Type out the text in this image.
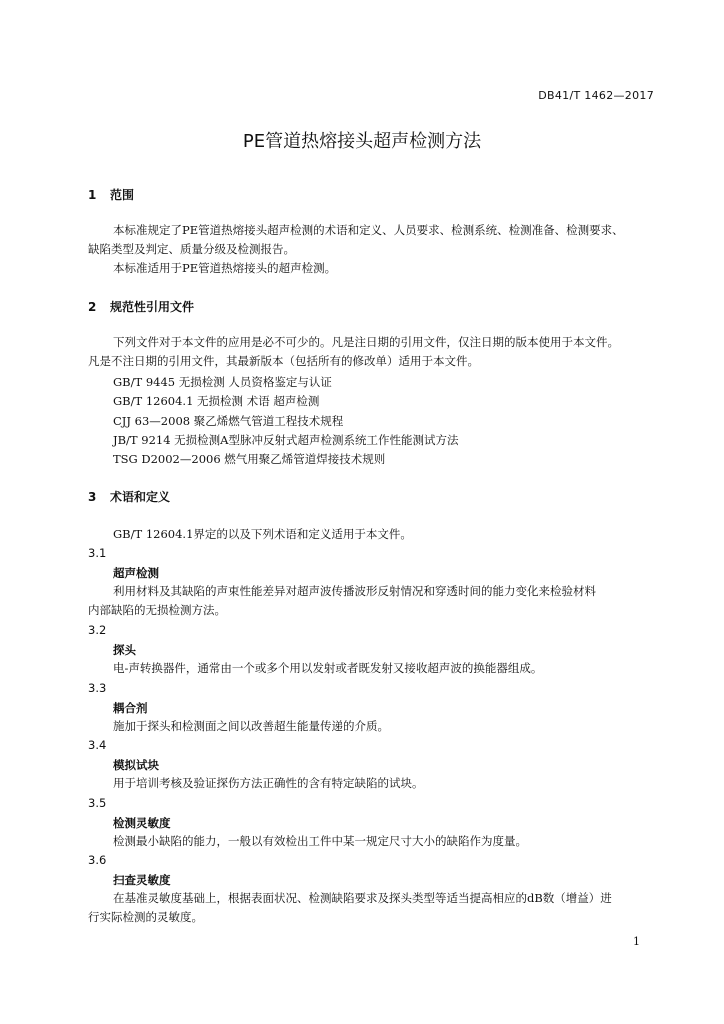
DB41/T 1462—2017
PE管道热熔接头超声检测方法
1 范围
本标准规定了PE管道热熔接头超声检测的术语和定义、人员要求、检测系统、检测准备、检测要求、
缺陷类型及判定、质量分级及检测报告。
本标准适用于PE管道热熔接头的超声检测。
2 规范性引用文件
下列文件对于本文件的应用是必不可少的。凡是注日期的引用文件，仅注日期的版本使用于本文件。
凡是不注日期的引用文件，其最新版本（包括所有的修改单）适用于本文件。
GB/T 9445 无损检测 人员资格鉴定与认证
GB/T 12604.1 无损检测 术语 超声检测
CJJ 63—2008 聚乙烯燃气管道工程技术规程
JB/T 9214 无损检测A型脉冲反射式超声检测系统工作性能测试方法
TSG D2002—2006 燃气用聚乙烯管道焊接技术规则
3 术语和定义
GB/T 12604.1界定的以及下列术语和定义适用于本文件。
3.1
超声检测
利用材料及其缺陷的声束性能差异对超声波传播波形反射情况和穿透时间的能力变化来检验材料
内部缺陷的无损检测方法。
3.2
探头
电-声转换器件，通常由一个或多个用以发射或者既发射又接收超声波的换能器组成。
3.3
耦合剂
施加于探头和检测面之间以改善超生能量传递的介质。
3.4
模拟试块
用于培训考核及验证探伤方法正确性的含有特定缺陷的试块。
3.5
检测灵敏度
检测最小缺陷的能力，一般以有效检出工件中某一规定尺寸大小的缺陷作为度量。
3.6
扫查灵敏度
在基准灵敏度基础上，根据表面状况、检测缺陷要求及探头类型等适当提高相应的dB数（增益）进
行实际检测的灵敏度。
1
